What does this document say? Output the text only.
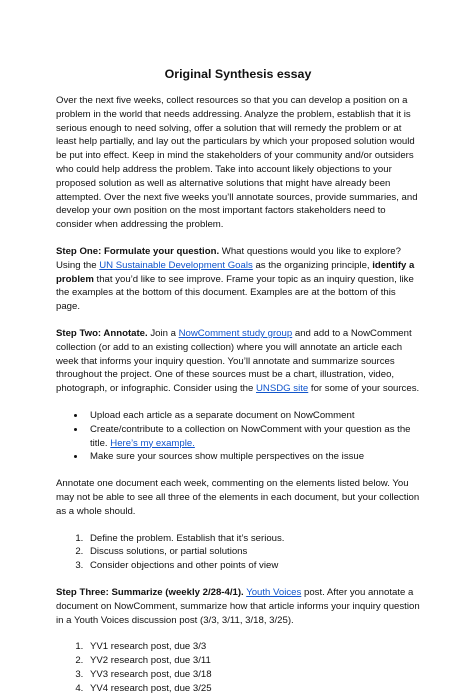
Original Synthesis essay

Over the next five weeks, collect resources so that you can develop a position on a problem in the world that needs addressing. Analyze the problem, establish that it is serious enough to need solving, offer a solution that will remedy the problem or at least help partially, and lay out the particulars by which your proposed solution would be put into effect. Keep in mind the stakeholders of your community and/or outsiders who could help address the problem. Take into account likely objections to your proposed solution as well as alternative solutions that might have already been attempted. Over the next five weeks you’ll annotate sources, provide summaries, and develop your own position on the most important factors stakeholders need to consider when addressing the problem.

Step One: Formulate your question. What questions would you like to explore? Using the UN Sustainable Development Goals as the organizing principle, identify a problem that you’d like to see improve. Frame your topic as an inquiry question, like the examples at the bottom of this document. Examples are at the bottom of this page.

Step Two: Annotate. Join a NowComment study group and add to a NowComment collection (or add to an existing collection) where you will annotate an article each week that informs your inquiry question. You’ll annotate and summarize sources throughout the project. One of these sources must be a chart, illustration, video, photograph, or infographic. Consider using the UNSDG site for some of your sources.

• Upload each article as a separate document on NowComment
• Create/contribute to a collection on NowComment with your question as the title. Here’s my example.
• Make sure your sources show multiple perspectives on the issue

Annotate one document each week, commenting on the elements listed below. You may not be able to see all three of the elements in each document, but your collection as a whole should.

1. Define the problem. Establish that it’s serious.
2. Discuss solutions, or partial solutions
3. Consider objections and other points of view

Step Three: Summarize (weekly 2/28-4/1). Youth Voices post. After you annotate a document on NowComment, summarize how that article informs your inquiry question in a Youth Voices discussion post (3/3, 3/11, 3/18, 3/25).

1. YV1 research post, due 3/3
2. YV2 research post, due 3/11
3. YV3 research post, due 3/18
4. YV4 research post, due 3/25
